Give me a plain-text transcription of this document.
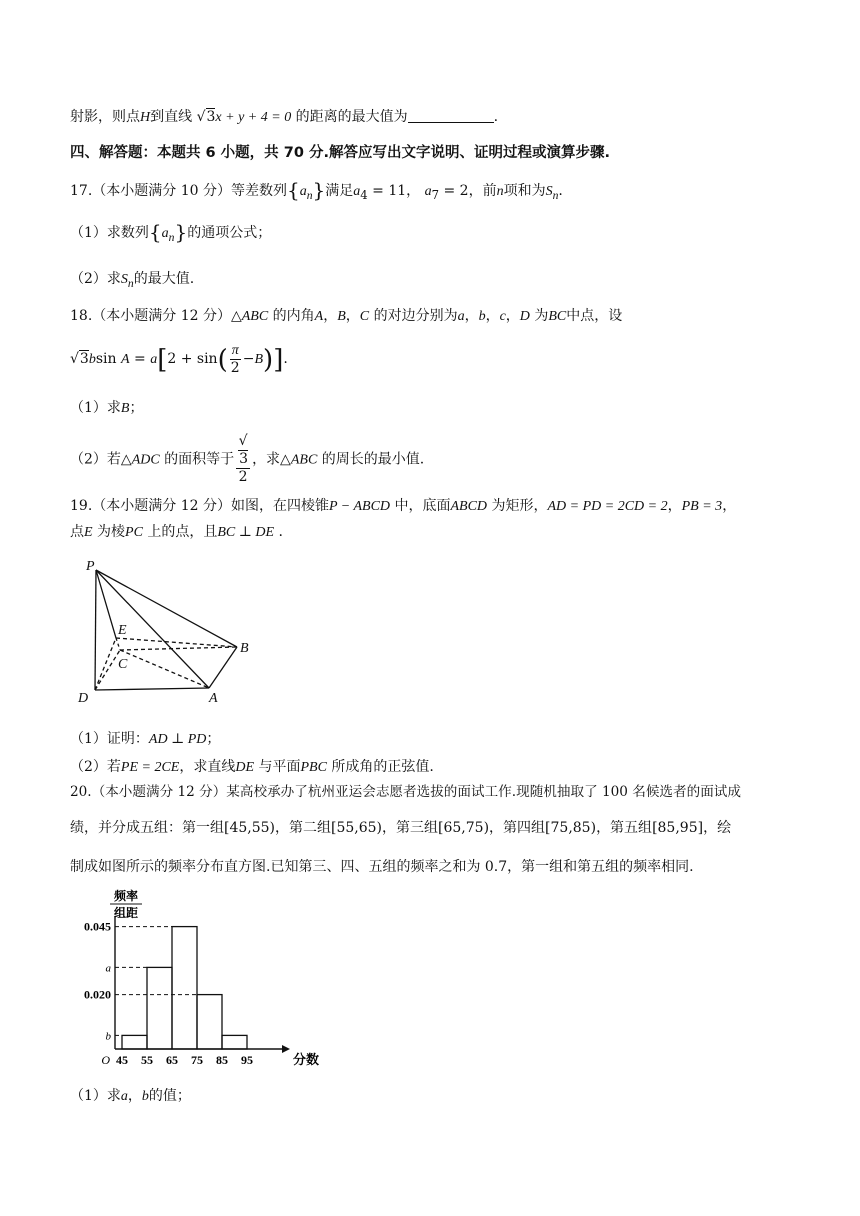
射影，则点H到直线 √3x + y + 4 = 0 的距离的最大值为	.
四、解答题：本题共 6 小题，共 70 分.解答应写出文字说明、证明过程或演算步骤.
17.（本小题满分 10 分）等差数列$\{a_n\}$满足$a_4 = 11$， $a_7 = 2$，前n项和为$S_n$.
（1）求数列$\{a_n\}$的通项公式；
（2）求$S_n$的最大值.
18.（本小题满分 12 分）△ABC 的内角A，B，C 的对边分别为a，b，c，D 为BC中点，设
√3bsin $A = a[2 + \sin( \frac{\pi}{2} -B)]$.
（1）求B；
（2）若△ADC 的面积等于 √
3
2 ，求△ABC 的周长的最小值.
19.（本小题满分 12 分）如图，在四棱锥P − ABCD 中，底面ABCD 为矩形，AD = PD = 2CD = 2，PB = 3，
点E 为棱PC 上的点，且BC ⊥ DE .
P
E
C
B
D	A
（1）证明：AD ⊥ PD；
（2）若PE = 2CE，求直线DE 与平面PBC 所成角的正弦值.
20.（本小题满分 12 分）某高校承办了杭州亚运会志愿者选拔的面试工作.现随机抽取了 100 名候选者的面试成
绩，并分成五组：第一组[45,55)，第二组[55,65)，第三组[65,75)，第四组[75,85)，第五组[85,95]，绘
制成如图所示的频率分布直方图.已知第三、四、五组的频率之和为 0.7，第一组和第五组的频率相同.
频率
组距
0.045
a
0.020
b
O 45 55 65 75 85 95	分数
（1）求a，b的值；
